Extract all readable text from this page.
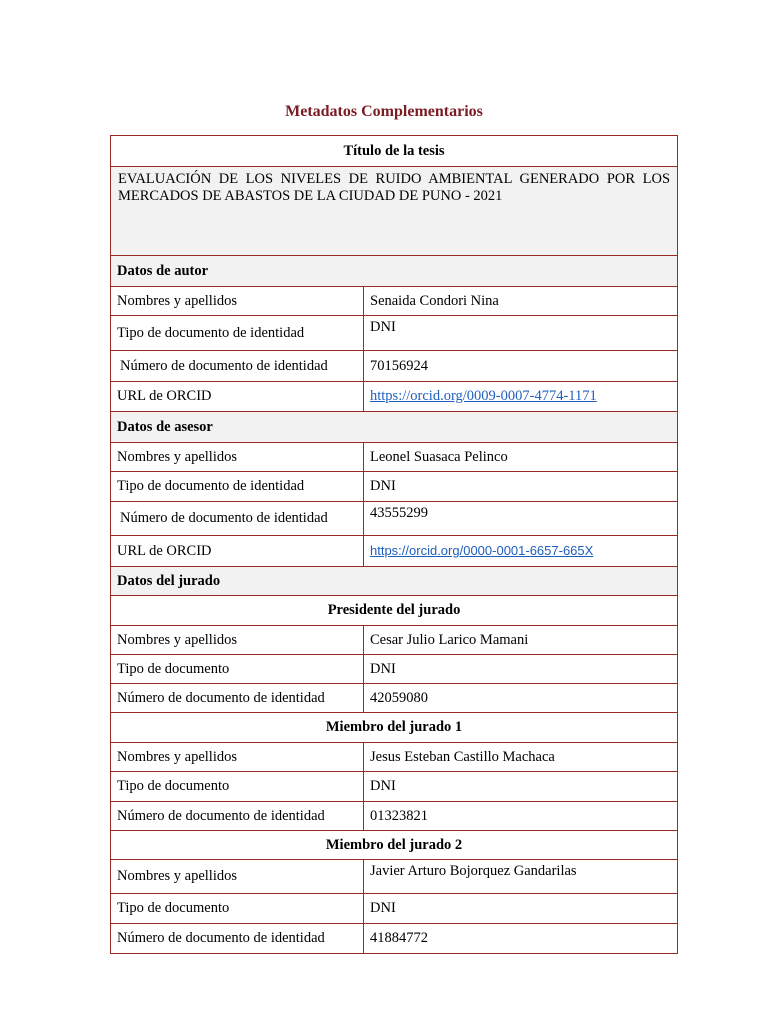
Metadatos Complementarios
Título de la tesis	
EVALUACIÓN DE LOS NIVELES DE RUIDO AMBIENTAL GENERADO POR LOS MERCADOS DE ABASTOS DE LA CIUDAD DE PUNO - 2021	
Datos de autor	
Nombres y apellidos	Senaida Condori Nina
Tipo de documento de identidad	DNI
Número de documento de identidad	70156924
URL de ORCID	https://orcid.org/0009-0007-4774-1171
Datos de asesor	
Nombres y apellidos	Leonel Suasaca Pelinco
Tipo de documento de identidad	DNI
Número de documento de identidad	43555299
URL de ORCID	https://orcid.org/0000-0001-6657-665X
Datos del jurado	
Presidente del jurado	
Nombres y apellidos	Cesar Julio Larico Mamani
Tipo de documento	DNI
Número de documento de identidad	42059080
Miembro del jurado 1	
Nombres y apellidos	Jesus Esteban Castillo Machaca
Tipo de documento	DNI
Número de documento de identidad	01323821
Miembro del jurado 2	
Nombres y apellidos	Javier Arturo Bojorquez Gandarilas
Tipo de documento	DNI
Número de documento de identidad	41884772
